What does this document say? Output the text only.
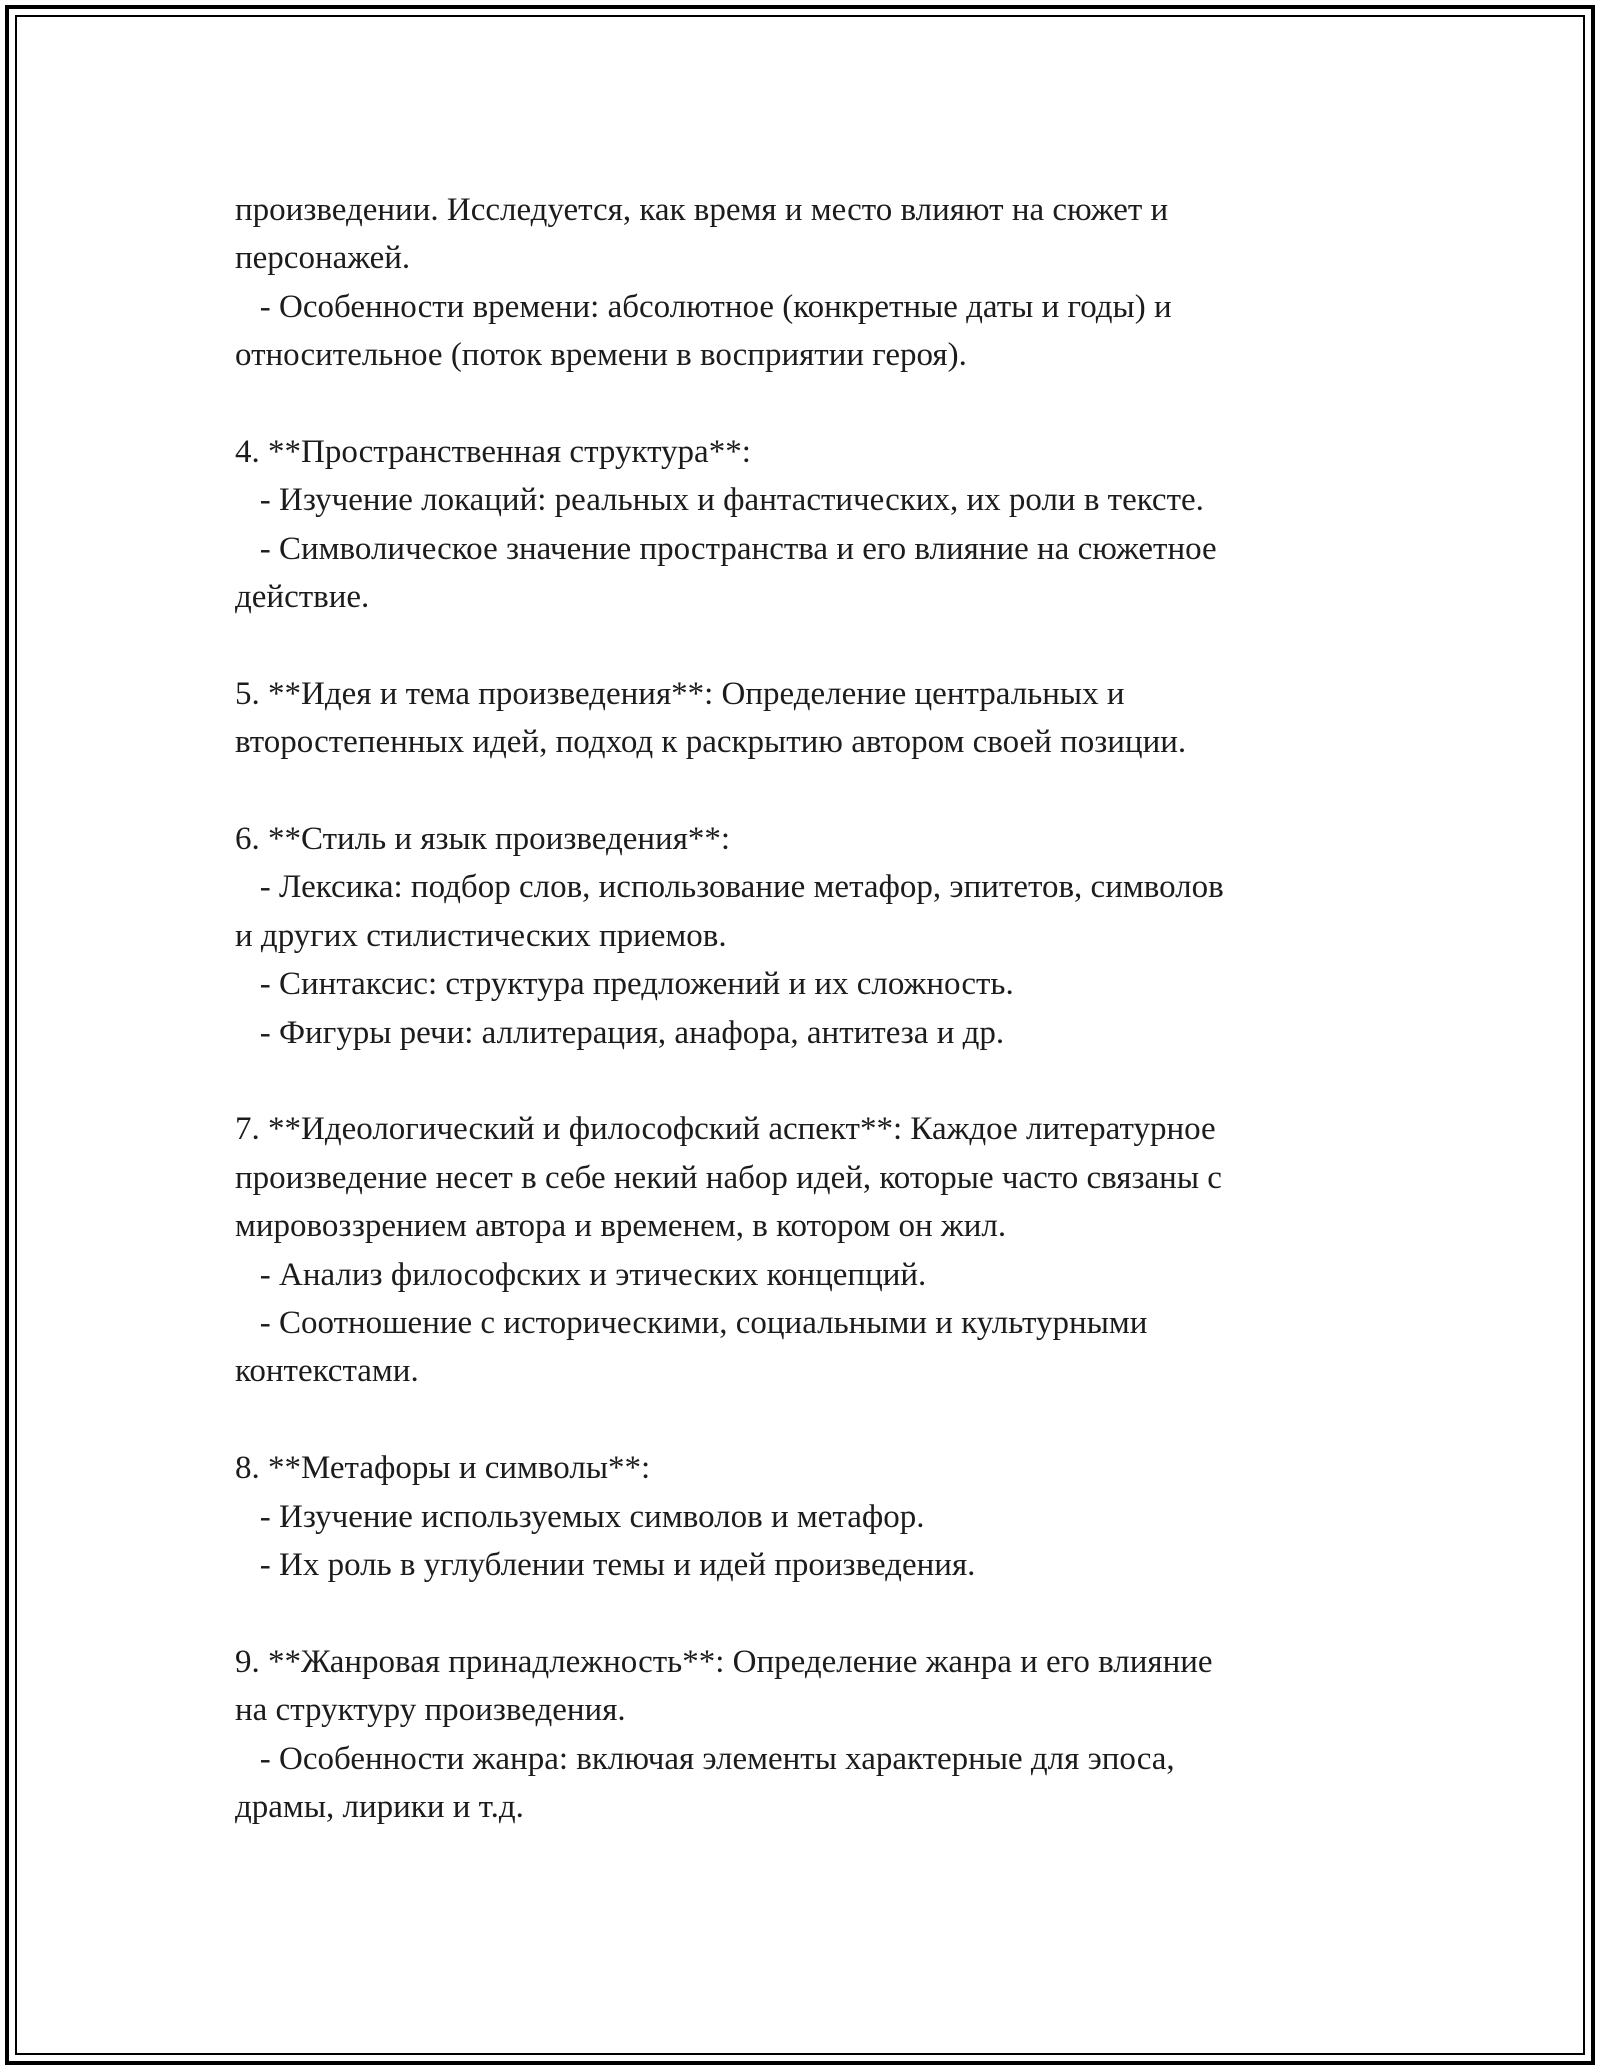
произведении. Исследуется, как время и место влияют на сюжет и
персонажей.
- Особенности времени: абсолютное (конкретные даты и годы) и
относительное (поток времени в восприятии героя).
4. **Пространственная структура**:
- Изучение локаций: реальных и фантастических, их роли в тексте.
- Символическое значение пространства и его влияние на сюжетное
действие.
5. **Идея и тема произведения**: Определение центральных и
второстепенных идей, подход к раскрытию автором своей позиции.
6. **Стиль и язык произведения**:
- Лексика: подбор слов, использование метафор, эпитетов, символов
и других стилистических приемов.
- Синтаксис: структура предложений и их сложность.
- Фигуры речи: аллитерация, анафора, антитеза и др.
7. **Идеологический и философский аспект**: Каждое литературное
произведение несет в себе некий набор идей, которые часто связаны с
мировоззрением автора и временем, в котором он жил.
- Анализ философских и этических концепций.
- Соотношение с историческими, социальными и культурными
контекстами.
8. **Метафоры и символы**:
- Изучение используемых символов и метафор.
- Их роль в углублении темы и идей произведения.
9. **Жанровая принадлежность**: Определение жанра и его влияние
на структуру произведения.
- Особенности жанра: включая элементы характерные для эпоса,
драмы, лирики и т.д.
